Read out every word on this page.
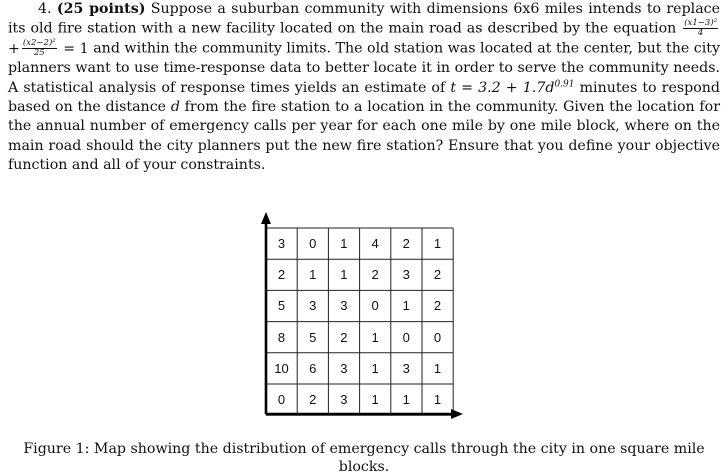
4. (25 points) Suppose a suburban community with dimensions 6x6 miles intends to replace its old fire station with a new facility located on the main road as described by the equation $\frac{\text{(x1−3)²}}{4}$
+ $\frac{\text{(x2−2)²}}{25} = 1$ and within the community limits. The old station was located at the center, but the city planners want to use time-response data to better locate it in order to serve the community needs. A statistical analysis of response times yields an estimate of $t = 3.2 + 1.7d^{0.91}$ minutes to respond based on the distance d from the fire station to a location in the community. Given the location for the annual number of emergency calls per year for each one mile by one mile block, where on the main road should the city planners put the new fire station? Ensure that you define your objective function and all of your constraints.

3	0	1	4	2	1
2	1	1	2	3	2
5	3	3	0	1	2
8	5	2	1	0	0
10	6	3	1	3	1
0	2	3	1	1	1
Figure 1: Map showing the distribution of emergency calls through the city in one square mile blocks.
